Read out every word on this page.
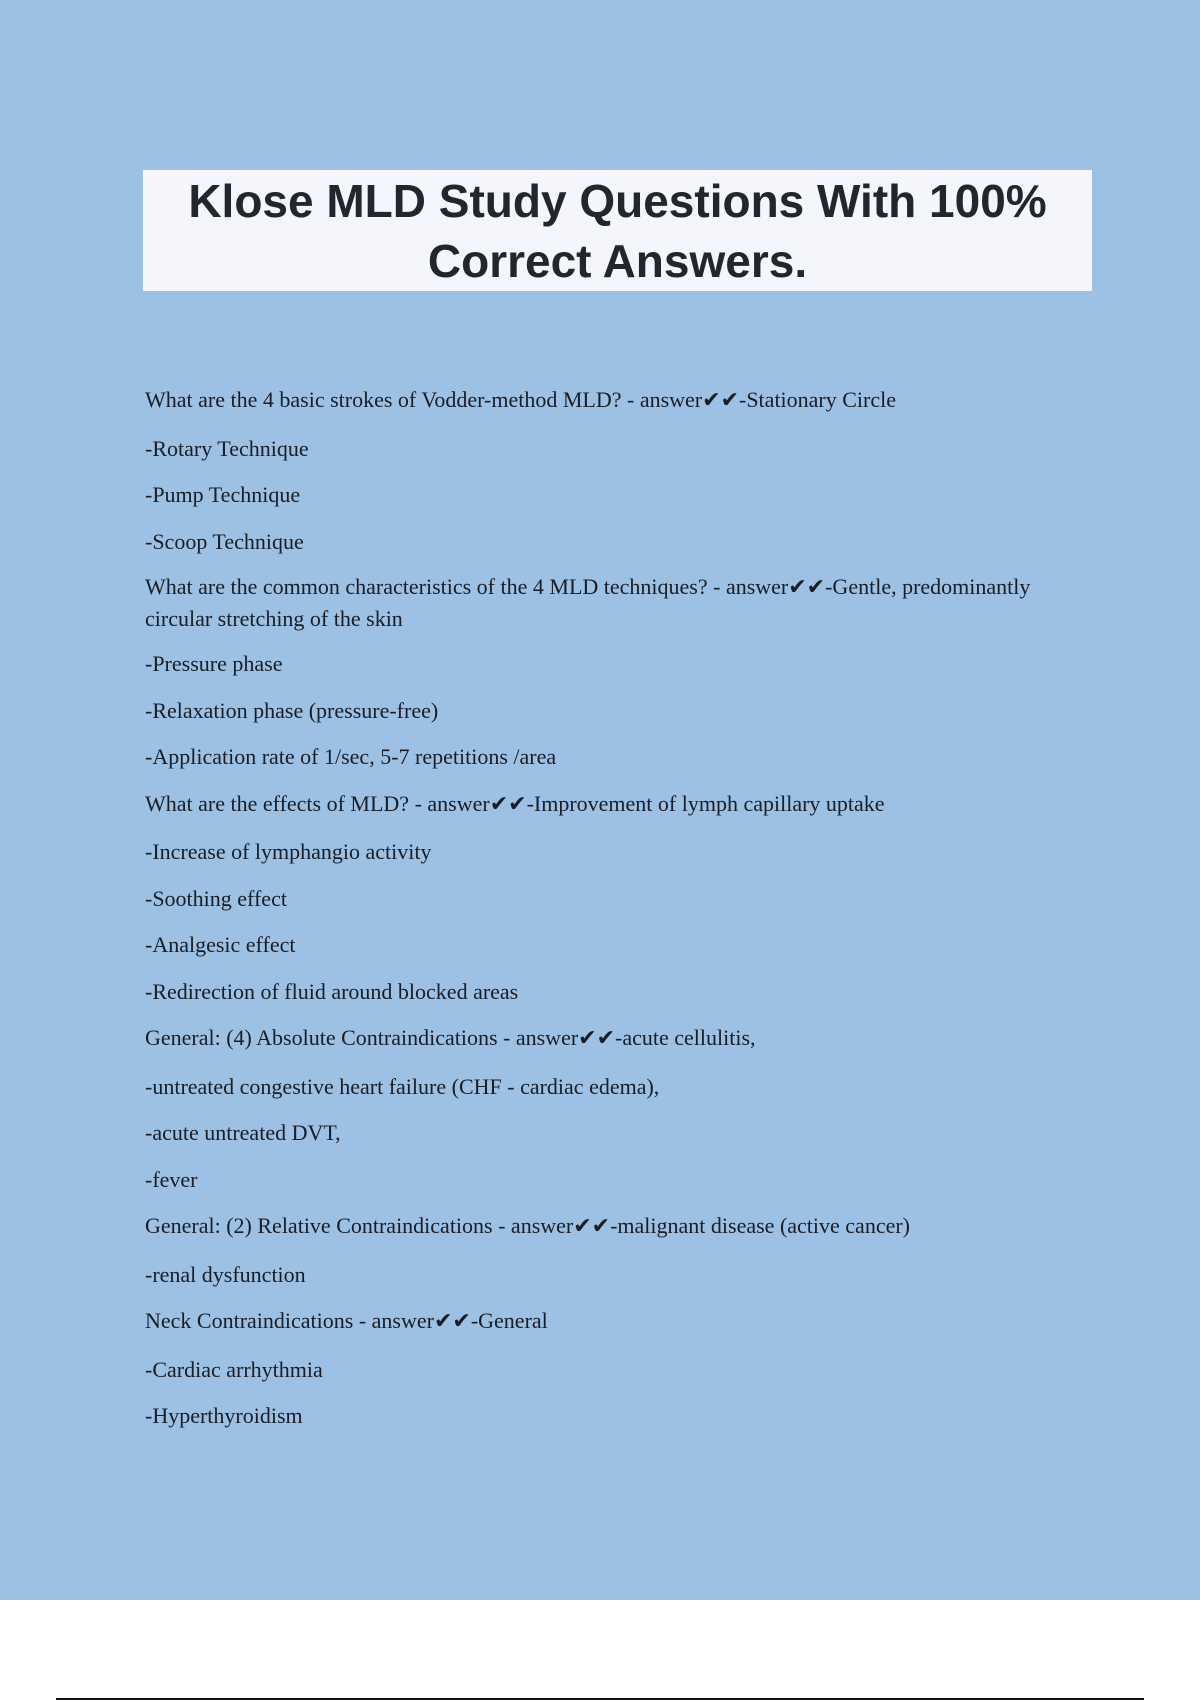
Klose MLD Study Questions With 100% Correct Answers.

What are the 4 basic strokes of Vodder-method MLD? - answer✔✔-Stationary Circle

-Rotary Technique

-Pump Technique

-Scoop Technique

What are the common characteristics of the 4 MLD techniques? - answer✔✔-Gentle, predominantly circular stretching of the skin

-Pressure phase

-Relaxation phase (pressure-free)

-Application rate of 1/sec, 5-7 repetitions /area

What are the effects of MLD? - answer✔✔-Improvement of lymph capillary uptake

-Increase of lymphangio activity

-Soothing effect

-Analgesic effect

-Redirection of fluid around blocked areas

General: (4) Absolute Contraindications - answer✔✔-acute cellulitis,

-untreated congestive heart failure (CHF - cardiac edema),

-acute untreated DVT,

-fever

General: (2) Relative Contraindications - answer✔✔-malignant disease (active cancer)

-renal dysfunction

Neck Contraindications - answer✔✔-General

-Cardiac arrhythmia

-Hyperthyroidism
